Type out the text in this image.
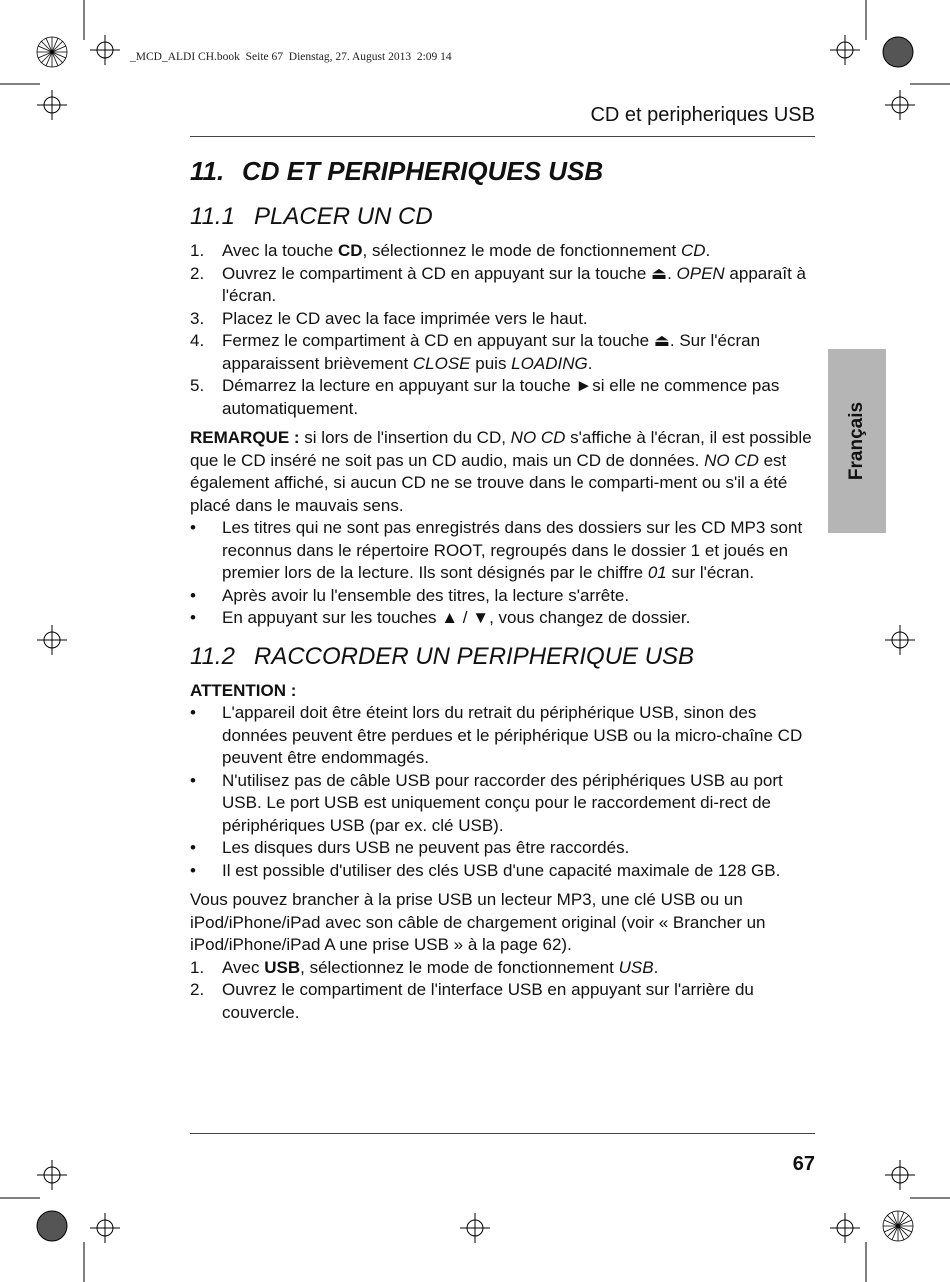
_MCD_ALDI CH.book  Seite 67  Dienstag, 27. August 2013  2:09 14
CD et peripheriques USB
Français
11. CD ET PERIPHERIQUES USB
11.1 PLACER UN CD
1. Avec la touche CD, sélectionnez le mode de fonctionnement CD.
2. Ouvrez le compartiment à CD en appuyant sur la touche ⏏. OPEN apparaît à l'écran.
3. Placez le CD avec la face imprimée vers le haut.
4. Fermez le compartiment à CD en appuyant sur la touche ⏏. Sur l'écran apparaissent brièvement CLOSE puis LOADING.
5. Démarrez la lecture en appuyant sur la touche ►si elle ne commence pas automatiquement.

REMARQUE : si lors de l'insertion du CD, NO CD s'affiche à l'écran, il est possible que le CD inséré ne soit pas un CD audio, mais un CD de données. NO CD est également affiché, si aucun CD ne se trouve dans le comparti-ment ou s'il a été placé dans le mauvais sens.

• Les titres qui ne sont pas enregistrés dans des dossiers sur les CD MP3 sont reconnus dans le répertoire ROOT, regroupés dans le dossier 1 et joués en premier lors de la lecture. Ils sont désignés par le chiffre 01 sur l'écran.
• Après avoir lu l'ensemble des titres, la lecture s'arrête.
• En appuyant sur les touches ▲ / ▼, vous changez de dossier.
11.2 RACCORDER UN PERIPHERIQUE USB

ATTENTION :

• L'appareil doit être éteint lors du retrait du périphérique USB, sinon des données peuvent être perdues et le périphérique USB ou la micro-chaîne CD peuvent être endommagés.
• N'utilisez pas de câble USB pour raccorder des périphériques USB au port USB. Le port USB est uniquement conçu pour le raccordement di-rect de périphériques USB (par ex. clé USB).
• Les disques durs USB ne peuvent pas être raccordés.
• Il est possible d'utiliser des clés USB d'une capacité maximale de 128 GB.

Vous pouvez brancher à la prise USB un lecteur MP3, une clé USB ou un iPod/iPhone/iPad avec son câble de chargement original (voir « Brancher un iPod/iPhone/iPad A une prise USB » à la page 62).

1. Avec USB, sélectionnez le mode de fonctionnement USB.
2. Ouvrez le compartiment de l'interface USB en appuyant sur l'arrière du couvercle.
67
